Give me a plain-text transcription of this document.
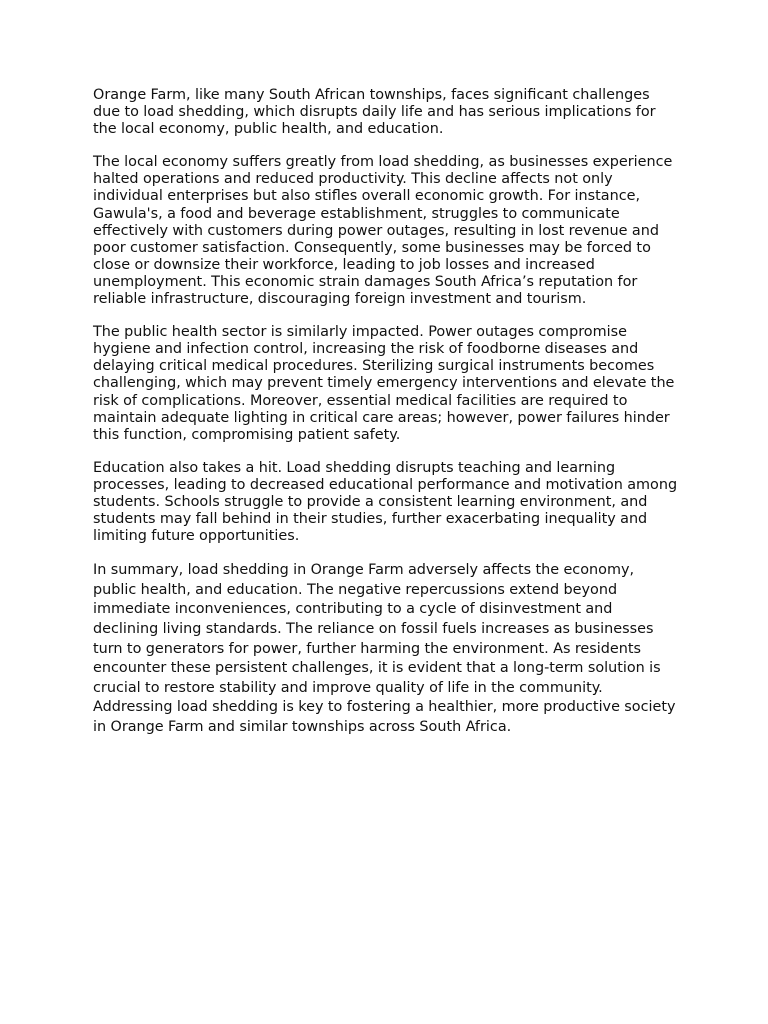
Orange Farm, like many South African townships, faces significant challenges due to load shedding, which disrupts daily life and has serious implications for the local economy, public health, and education.

The local economy suffers greatly from load shedding, as businesses experience halted operations and reduced productivity. This decline affects not only individual enterprises but also stifles overall economic growth. For instance, Gawula's, a food and beverage establishment, struggles to communicate effectively with customers during power outages, resulting in lost revenue and poor customer satisfaction. Consequently, some businesses may be forced to close or downsize their workforce, leading to job losses and increased unemployment. This economic strain damages South Africa’s reputation for reliable infrastructure, discouraging foreign investment and tourism.

The public health sector is similarly impacted. Power outages compromise hygiene and infection control, increasing the risk of foodborne diseases and delaying critical medical procedures. Sterilizing surgical instruments becomes challenging, which may prevent timely emergency interventions and elevate the risk of complications. Moreover, essential medical facilities are required to maintain adequate lighting in critical care areas; however, power failures hinder this function, compromising patient safety.

Education also takes a hit. Load shedding disrupts teaching and learning processes, leading to decreased educational performance and motivation among students. Schools struggle to provide a consistent learning environment, and students may fall behind in their studies, further exacerbating inequality and limiting future opportunities.

In summary, load shedding in Orange Farm adversely affects the economy, public health, and education. The negative repercussions extend beyond immediate inconveniences, contributing to a cycle of disinvestment and declining living standards. The reliance on fossil fuels increases as businesses turn to generators for power, further harming the environment. As residents encounter these persistent challenges, it is evident that a long-term solution is crucial to restore stability and improve quality of life in the community. Addressing load shedding is key to fostering a healthier, more productive society in Orange Farm and similar townships across South Africa.
